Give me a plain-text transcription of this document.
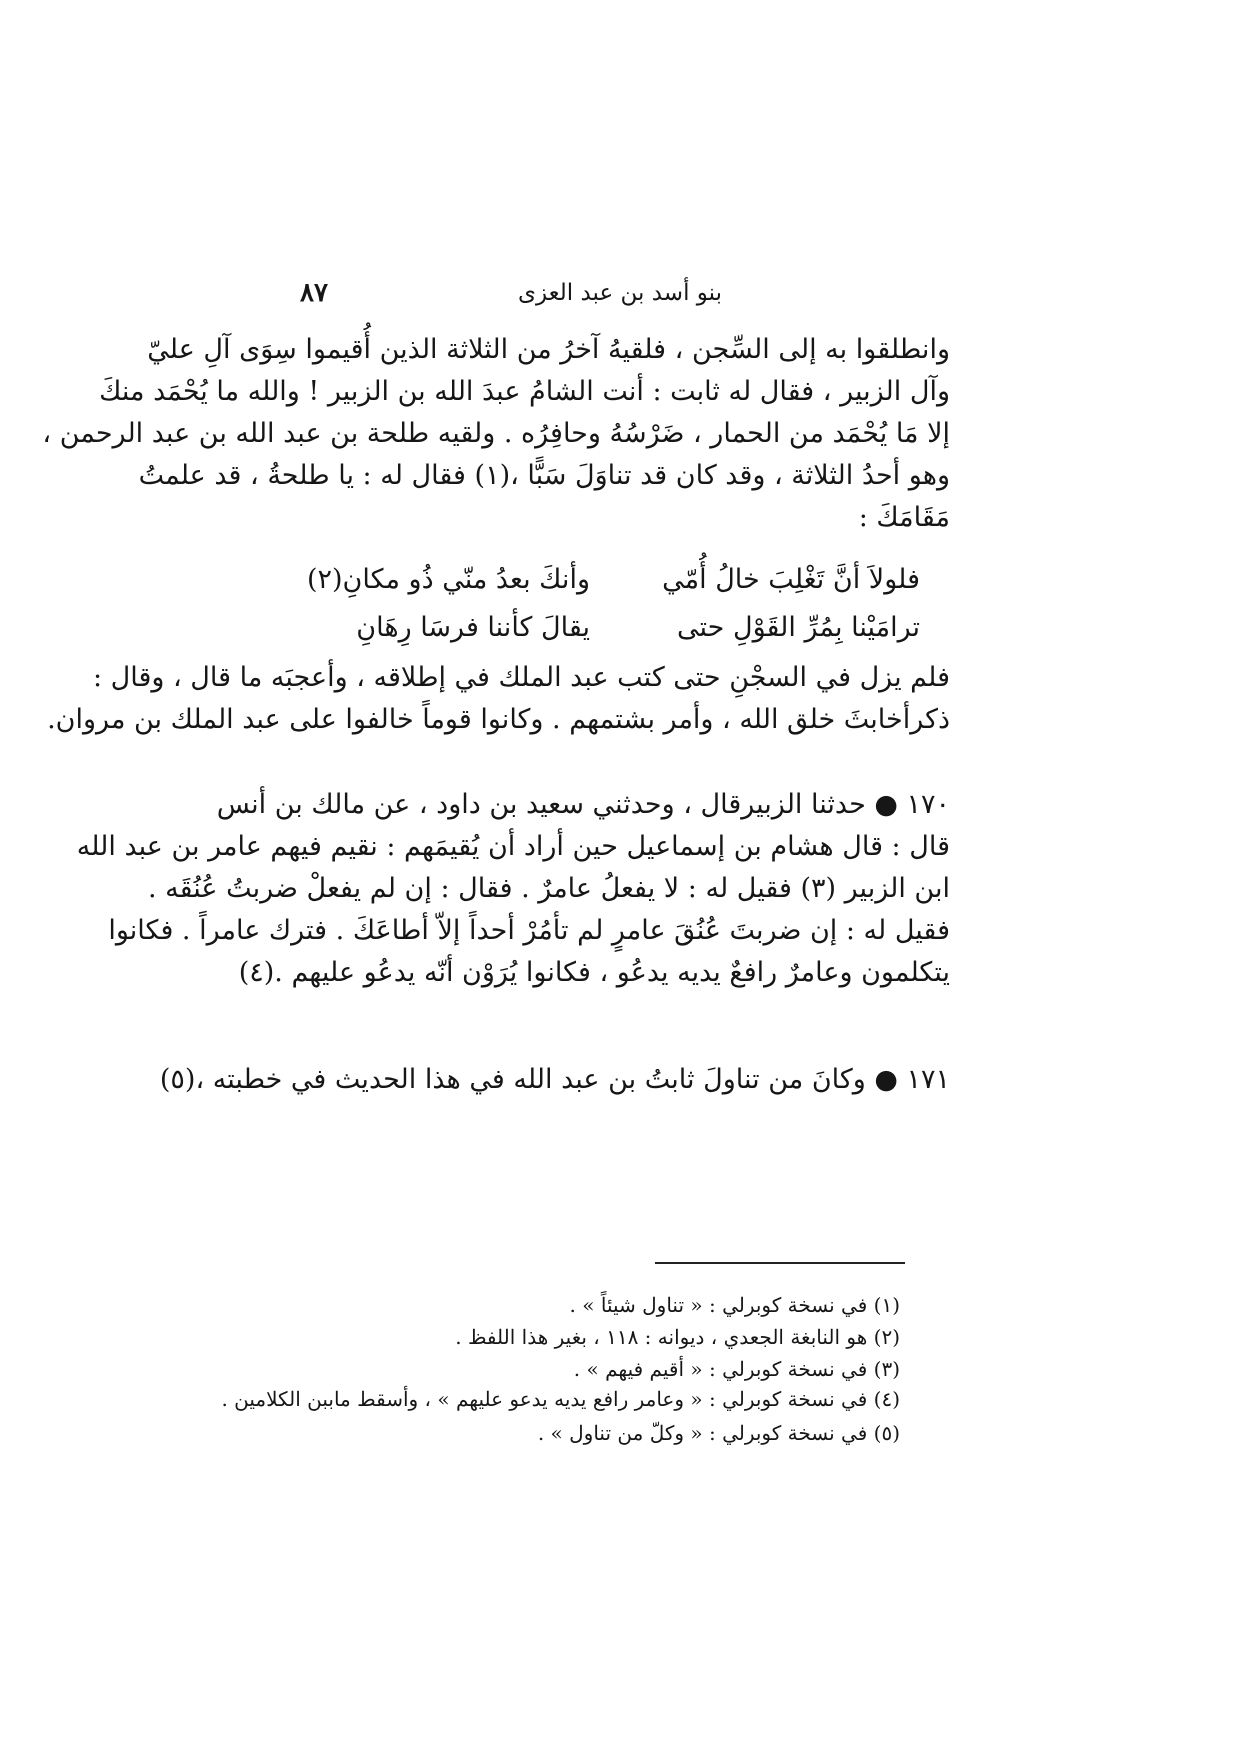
بنو أسد بن عبد العزى
٨٧
وانطلقوا به إلى السِّجن ، فلقيهُ آخرُ من الثلاثة الذين أُقيموا سِوَى آلِ عليّ
وآل الزبير ، فقال له ثابت : أنت الشامُ عبدَ الله بن الزبير ! والله ما يُحْمَد منكَ
إلا مَا يُحْمَد من الحمار ، ضَرْسُهُ وحافِرُه . ولقيه طلحة بن عبد الله بن عبد الرحمن ،
وهو أحدُ الثلاثة ، وقد كان قد تناوَلَ سَبًّا ،(١) فقال له : يا طلحةُ ، قد علمتُ
مَقَامَكَ :
فلولاَ أنَّ تَغْلِبَ خالُ أُمّي
وأنكَ بعدُ منّي ذُو مكانِ(٢)
ترامَيْنا بِمُرِّ القَوْلِ حتى
يقالَ كأننا فرسَا رِهَانِ
فلم يزل في السجْنِ حتى كتب عبد الملك في إطلاقه ، وأعجبَه ما قال ، وقال :
ذكرأخابثَ خلق الله ، وأمر بشتمهم . وكانوا قوماً خالفوا على عبد الملك بن مروان.
١٧٠ ● حدثنا الزبيرقال ، وحدثني سعيد بن داود ، عن مالك بن أنس
قال : قال هشام بن إسماعيل حين أراد أن يُقيمَهم : نقيم فيهم عامر بن عبد الله
ابن الزبير (٣) فقيل له : لا يفعلُ عامرٌ . فقال : إن لم يفعلْ ضربتُ عُنُقَه .
فقيل له : إن ضربتَ عُنُقَ عامرٍ لم تأمُرْ أحداً إلاّ أطاعَكَ . فترك عامراً . فكانوا
يتكلمون وعامرٌ رافعٌ يديه يدعُو ، فكانوا يُرَوْن أنّه يدعُو عليهم .(٤)
١٧١ ● وكانَ من تناولَ ثابتُ بن عبد الله في هذا الحديث في خطبته ،(٥)
(١) في نسخة كوبرلي : « تناول شيئاً » .
(٢) هو النابغة الجعدي ، ديوانه : ١١٨ ، بغير هذا اللفظ .
(٣) في نسخة كوبرلي : « أقيم فيهم » .
(٤) في نسخة كوبرلي : « وعامر رافع يديه يدعو عليهم » ، وأسقط ماببن الكلامين .
(٥) في نسخة كوبرلي : « وكلّ من تناول » .
